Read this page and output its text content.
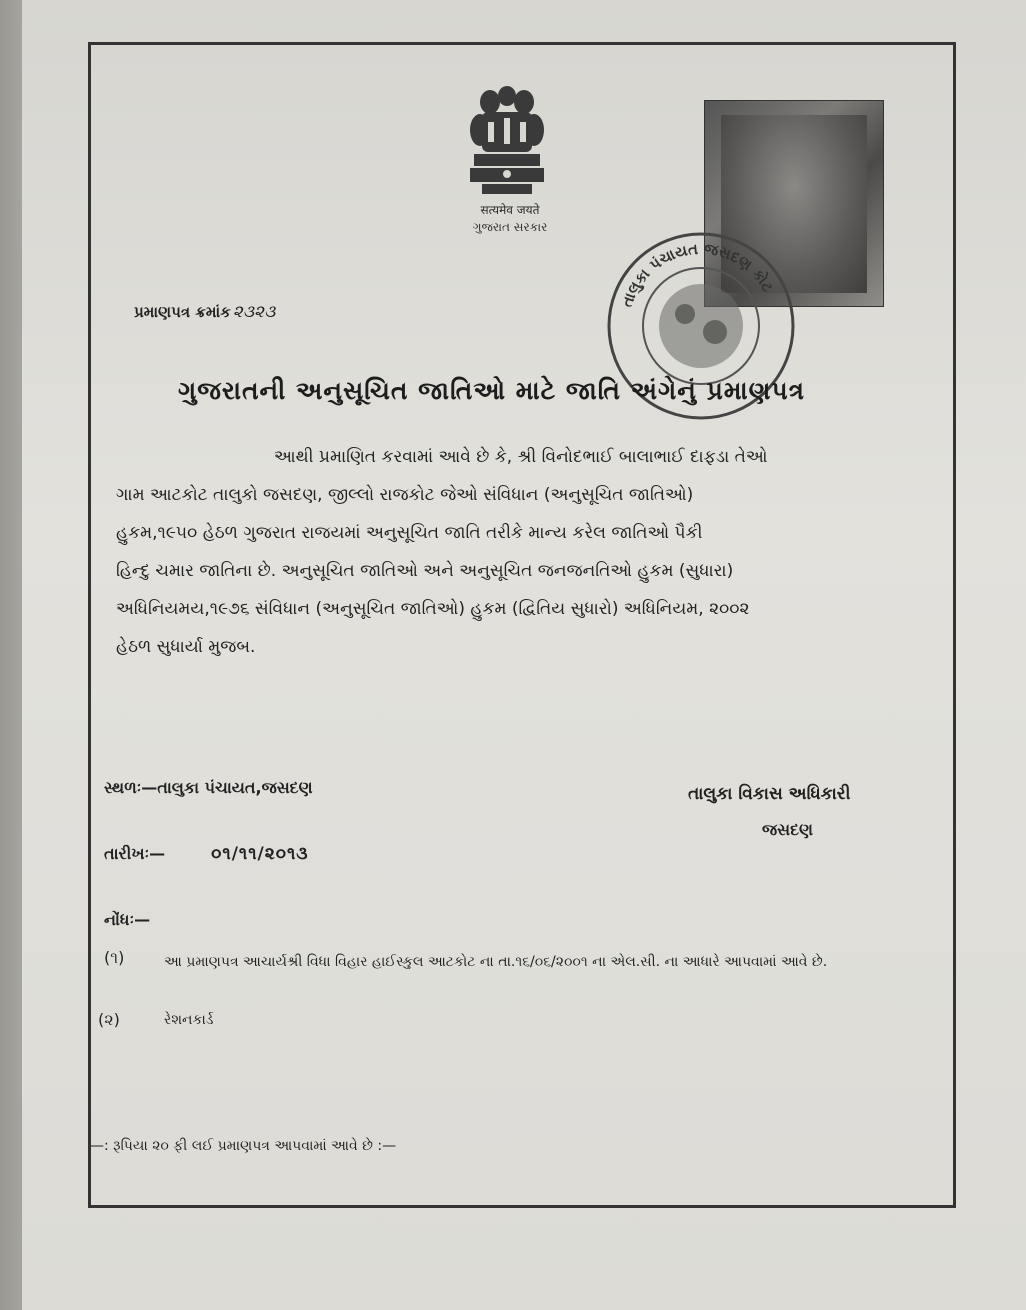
सत्यमेव जयते
ગુજરાત સરકાર
તાલુકા પંચાયત જસદણ કોટ
પ્રમાણપત્ર ક્રમાંક ૨૩૨૩
ગુજરાતની અનુસૂચિત જાતિઓ માટે જાતિ અંગેનું પ્રમાણપત્ર

આથી પ્રમાણિત કરવામાં આવે છે કે, શ્રી વિનોદભાઈ બાલાભાઈ દાફડા તેઓ

ગામ આટકોટ તાલુકો જસદણ, જીલ્લો રાજકોટ જેઓ સંવિધાન (અનુસૂચિત જાતિઓ)

હુકમ,૧૯૫૦ હેઠળ ગુજરાત રાજયમાં અનુસૂચિત જાતિ તરીકે માન્ય કરેલ જાતિઓ પૈકી

હિન્દુ ચમાર જાતિના છે. અનુસૂચિત જાતિઓ અને અનુસૂચિત જનજનતિઓ હુકમ (સુધારા)

અધિનિયમય,૧૯૭૬ સંવિધાન (અનુસૂચિત જાતિઓ) હુકમ (દ્વિતિય સુધારો) અધિનિયમ, ૨૦૦૨

હેઠળ સુધાર્યા મુજબ.

સ્થળઃ—તાલુકા પંચાયત,જસદણ	તાલુકા વિકાસ અધિકારી
જસદણ
તારીખઃ—	૦૧/૧૧/૨૦૧૩
નોંધઃ—
(૧)	આ પ્રમાણપત્ર આચાર્યશ્રી વિધા વિહાર હાઈસ્કુલ આટકોટ ના તા.૧૬/૦૬/૨૦૦૧ ના એલ.સી. ના આધારે આપવામાં આવે છે.
(૨)	રેશનકાર્ડ
—: રૂપિયા ૨૦ ફી લઈ પ્રમાણપત્ર આપવામાં આવે છે :—
